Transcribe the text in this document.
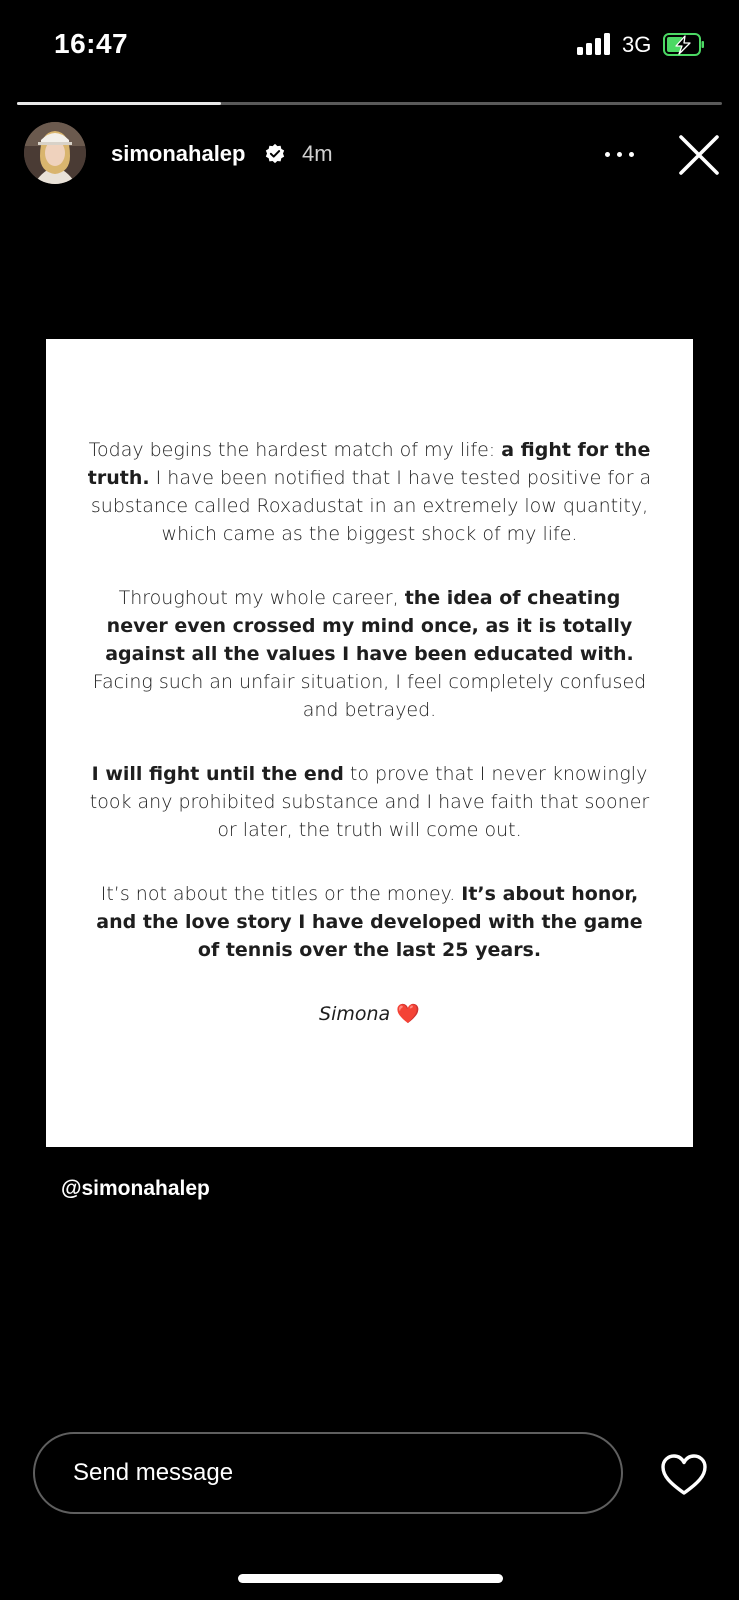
16:47	3G
simonahalep	4m

Today begins the hardest match of my life: a fight for the truth. I have been notified that I have tested positive for a substance called Roxadustat in an extremely low quantity, which came as the biggest shock of my life.

Throughout my whole career, the idea of cheating never even crossed my mind once, as it is totally against all the values I have been educated with. Facing such an unfair situation, I feel completely confused and betrayed.

I will fight until the end to prove that I never knowingly took any prohibited substance and I have faith that sooner or later, the truth will come out.

It’s not about the titles or the money. It’s about honor, and the love story I have developed with the game of tennis over the last 25 years.

Simona ❤️

@simonahalep
Send message
